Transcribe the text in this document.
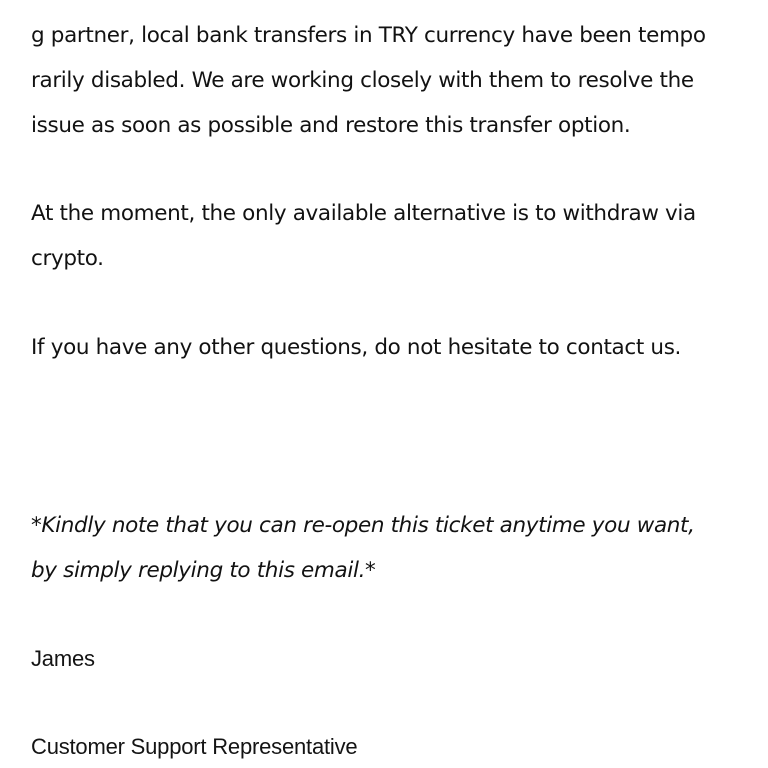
g partner, local bank transfers in TRY currency have been tempo
rarily disabled. We are working closely with them to resolve the
issue as soon as possible and restore this transfer option.
At the moment, the only available alternative is to withdraw via
crypto.
If you have any other questions, do not hesitate to contact us.
*Kindly note that you can re-open this ticket anytime you want,
by simply replying to this email.*
James
Customer Support Representative
